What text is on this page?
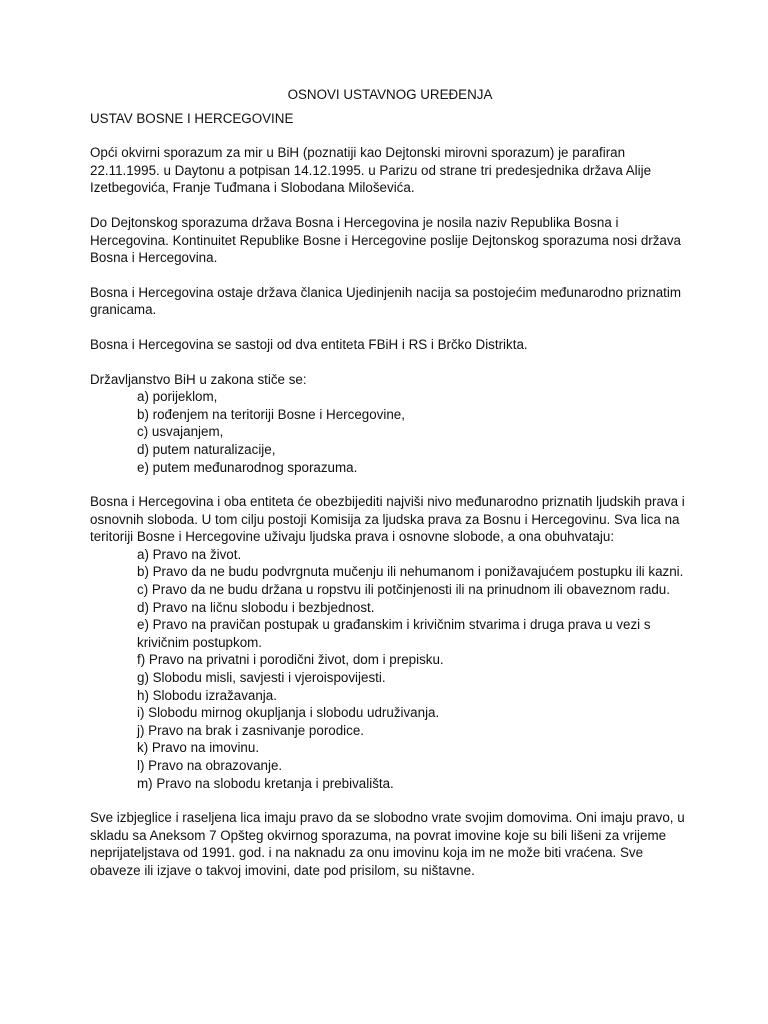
OSNOVI USTAVNOG UREĐENJA
USTAV BOSNE I HERCEGOVINE

Opći okvirni sporazum za mir u BiH (poznatiji kao Dejtonski mirovni sporazum) je parafiran 22.11.1995. u Daytonu a potpisan 14.12.1995. u Parizu od strane tri predesjednika država Alije Izetbegovića, Franje Tuđmana i Slobodana Miloševića.

Do Dejtonskog sporazuma država Bosna i Hercegovina je nosila naziv Republika Bosna i Hercegovina. Kontinuitet Republike Bosne i Hercegovine poslije Dejtonskog sporazuma nosi država Bosna i Hercegovina.

Bosna i Hercegovina ostaje država članica Ujedinjenih nacija sa postojećim međunarodno priznatim granicama.

Bosna i Hercegovina se sastoji od dva entiteta FBiH i RS i Brčko Distrikta.

Državljanstvo BiH u zakona stiče se:
a) porijeklom,
b) rođenjem na teritoriji Bosne i Hercegovine,
c) usvajanjem,
d) putem naturalizacije,
e) putem međunarodnog sporazuma.
Bosna i Hercegovina i oba entiteta će obezbijediti najviši nivo međunarodno priznatih ljudskih prava i osnovnih sloboda. U tom cilju postoji Komisija za ljudska prava za Bosnu i Hercegovinu. Sva lica na teritoriji Bosne i Hercegovine uživaju ljudska prava i osnovne slobode, a ona obuhvataju:
a) Pravo na život.
b) Pravo da ne budu podvrgnuta mučenju ili nehumanom i ponižavajućem postupku ili kazni.
c) Pravo da ne budu držana u ropstvu ili potčinjenosti ili na prinudnom ili obaveznom radu.
d) Pravo na ličnu slobodu i bezbjednost.
e) Pravo na pravičan postupak u građanskim i krivičnim stvarima i druga prava u vezi s krivičnim postupkom.
f) Pravo na privatni i porodični život, dom i prepisku.
g) Slobodu misli, savjesti i vjeroispovijesti.
h) Slobodu izražavanja.
i) Slobodu mirnog okupljanja i slobodu udruživanja.
j) Pravo na brak i zasnivanje porodice.
k) Pravo na imovinu.
l) Pravo na obrazovanje.
m) Pravo na slobodu kretanja i prebivališta.

Sve izbjeglice i raseljena lica imaju pravo da se slobodno vrate svojim domovima. Oni imaju pravo, u skladu sa Aneksom 7 Opšteg okvirnog sporazuma, na povrat imovine koje su bili lišeni za vrijeme neprijateljstava od 1991. god. i na naknadu za onu imovinu koja im ne može biti vraćena. Sve obaveze ili izjave o takvoj imovini, date pod prisilom, su ništavne.
